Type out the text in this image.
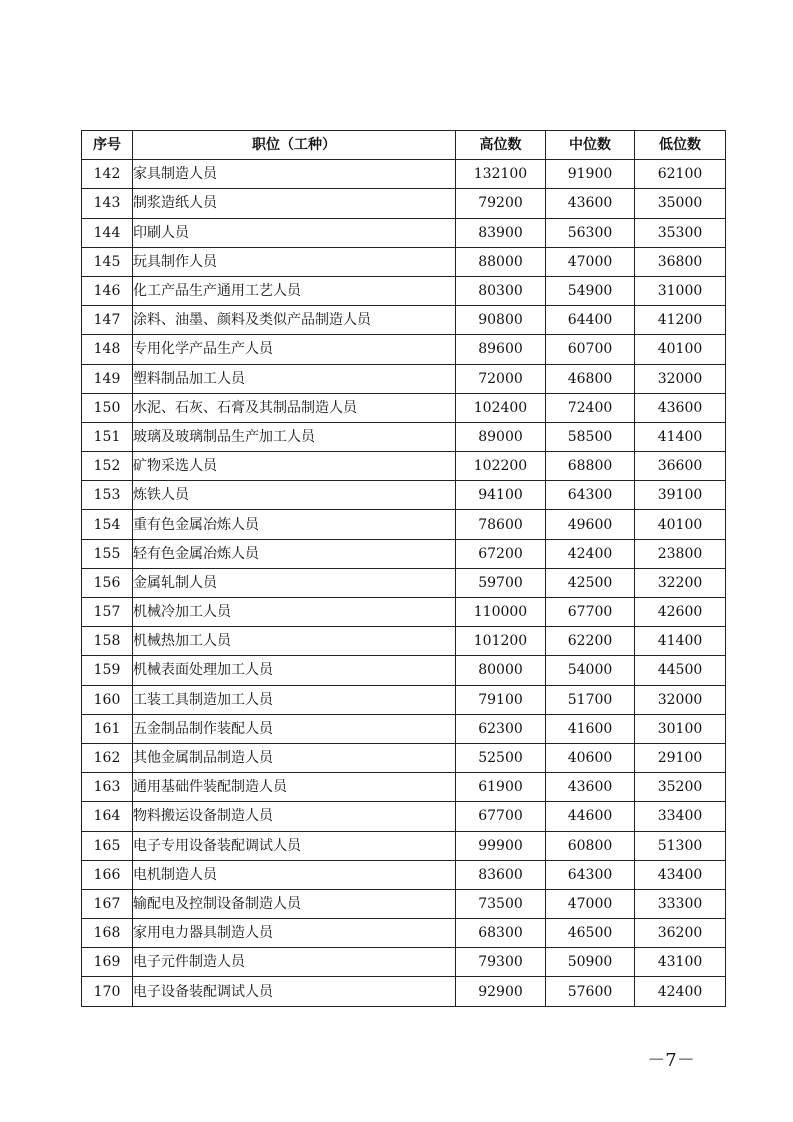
序号	职位（工种）	高位数	中位数	低位数
142	家具制造人员	132100	91900	62100
143	制浆造纸人员	79200	43600	35000
144	印刷人员	83900	56300	35300
145	玩具制作人员	88000	47000	36800
146	化工产品生产通用工艺人员	80300	54900	31000
147	涂料、油墨、颜料及类似产品制造人员	90800	64400	41200
148	专用化学产品生产人员	89600	60700	40100
149	塑料制品加工人员	72000	46800	32000
150	水泥、石灰、石膏及其制品制造人员	102400	72400	43600
151	玻璃及玻璃制品生产加工人员	89000	58500	41400
152	矿物采选人员	102200	68800	36600
153	炼铁人员	94100	64300	39100
154	重有色金属冶炼人员	78600	49600	40100
155	轻有色金属冶炼人员	67200	42400	23800
156	金属轧制人员	59700	42500	32200
157	机械冷加工人员	110000	67700	42600
158	机械热加工人员	101200	62200	41400
159	机械表面处理加工人员	80000	54000	44500
160	工装工具制造加工人员	79100	51700	32000
161	五金制品制作装配人员	62300	41600	30100
162	其他金属制品制造人员	52500	40600	29100
163	通用基础件装配制造人员	61900	43600	35200
164	物料搬运设备制造人员	67700	44600	33400
165	电子专用设备装配调试人员	99900	60800	51300
166	电机制造人员	83600	64300	43400
167	输配电及控制设备制造人员	73500	47000	33300
168	家用电力器具制造人员	68300	46500	36200
169	电子元件制造人员	79300	50900	43100
170	电子设备装配调试人员	92900	57600	42400
－7－
